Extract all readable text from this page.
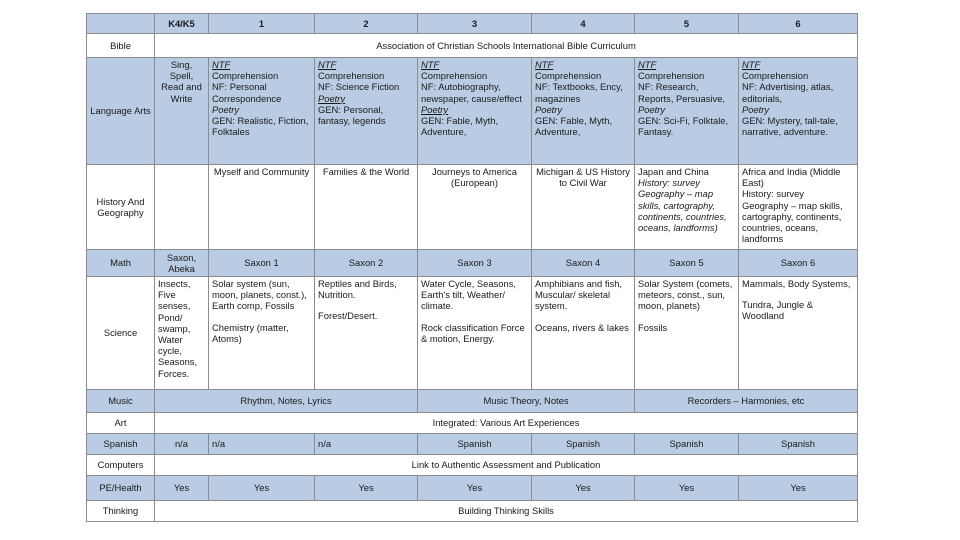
	K4/K5	1	2	3	4	5	6
Bible	Association of Christian Schools International Bible Curriculum						
Language Arts	Sing, Spell, Read and Write	NTF
Comprehension
NF: Personal Correspondence
Poetry
GEN: Realistic, Fiction, Folktales	NTF
Comprehension
NF: Science Fiction
Poetry
GEN: Personal, fantasy, legends	NTF
Comprehension
NF: Autobiography, newspaper, cause/effect
Poetry
GEN: Fable, Myth, Adventure,	NTF
Comprehension
NF: Textbooks, Ency, magazines
Poetry
GEN: Fable, Myth, Adventure,	NTF
Comprehension
NF: Research, Reports, Persuasive,
Poetry
GEN: Sci-Fi, Folktale, Fantasy.	NTF
Comprehension
NF: Advertising, atlas, editorials,
Poetry
GEN: Mystery, tall-tale, narrative, adventure.

History And Geography		Myself and Community	Families & the World	Journeys to America (European)	Michigan & US History to Civil War	Japan and China
History: survey
Geography – map skills, cartography, continents, countries, oceans, landforms)	Africa and India (Middle East)
History: survey
Geography – map skills, cartography, continents, countries, oceans, landforms

Math	Saxon, Abeka	Saxon 1	Saxon 2	Saxon 3	Saxon 4	Saxon 5	Saxon 6
Science	Insects, Five senses, Pond/ swamp, Water cycle, Seasons, Forces.	Solar system (sun, moon, planets, const.), Earth comp, Fossils
Chemistry (matter, Atoms)	Reptiles and Birds, Nutrition.
Forest/Desert.	Water Cycle, Seasons, Earth's tilt, Weather/ climate.
Rock classification Force & motion, Energy.	Amphibians and fish, Muscular/ skeletal system.
Oceans, rivers & lakes	Solar System (comets, meteors, const., sun, moon, planets)
Fossils	Mammals, Body Systems,
Tundra, Jungle & Woodland

Music	Rhythm, Notes, Lyrics			Music Theory, Notes		Recorders – Harmonies, etc	
Art	Integrated: Various Art Experiences						
Spanish	n/a	n/a	n/a	Spanish	Spanish	Spanish	Spanish
Computers	Link to Authentic Assessment and Publication						
PE/Health	Yes	Yes	Yes	Yes	Yes	Yes	Yes
Thinking	Building Thinking Skills						
